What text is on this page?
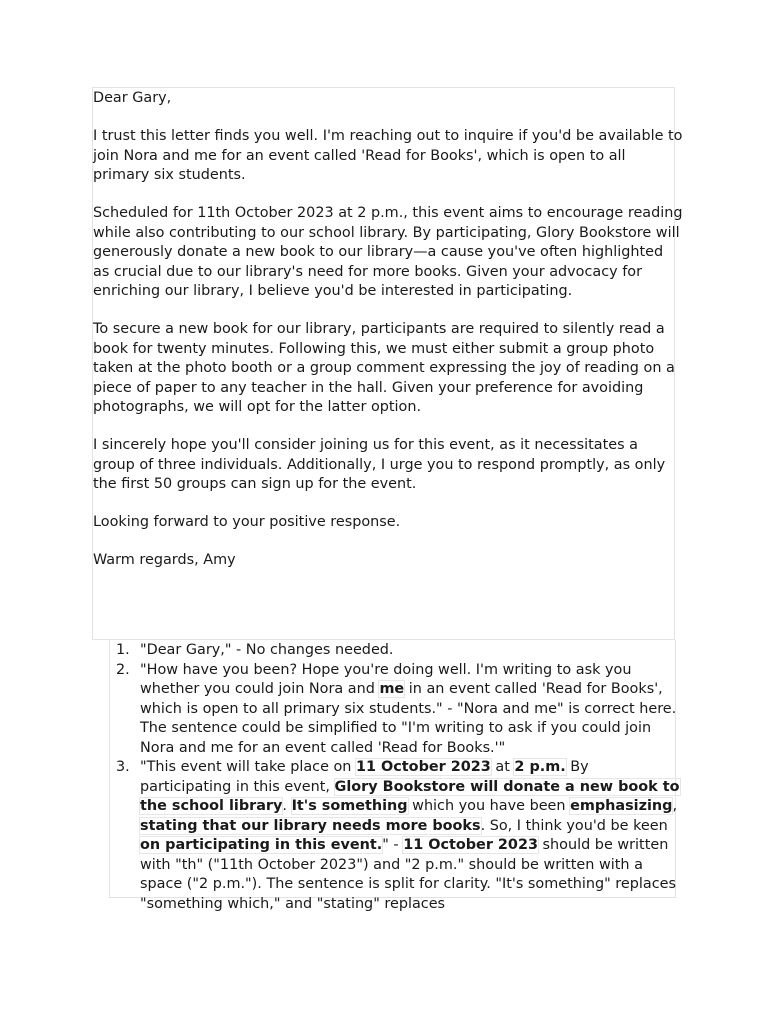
Dear Gary,

I trust this letter finds you well. I'm reaching out to inquire if you'd be available to join Nora and me for an event called 'Read for Books', which is open to all primary six students.

Scheduled for 11th October 2023 at 2 p.m., this event aims to encourage reading while also contributing to our school library. By participating, Glory Bookstore will generously donate a new book to our library—a cause you've often highlighted as crucial due to our library's need for more books. Given your advocacy for enriching our library, I believe you'd be interested in participating.

To secure a new book for our library, participants are required to silently read a book for twenty minutes. Following this, we must either submit a group photo taken at the photo booth or a group comment expressing the joy of reading on a piece of paper to any teacher in the hall. Given your preference for avoiding photographs, we will opt for the latter option.

I sincerely hope you'll consider joining us for this event, as it necessitates a group of three individuals. Additionally, I urge you to respond promptly, as only the first 50 groups can sign up for the event.

Looking forward to your positive response.

Warm regards, Amy

1. "Dear Gary," - No changes needed.
2. "How have you been? Hope you're doing well. I'm writing to ask you whether you could join Nora and me in an event called 'Read for Books', which is open to all primary six students." - "Nora and me" is correct here. The sentence could be simplified to "I'm writing to ask if you could join Nora and me for an event called 'Read for Books.'"
3. "This event will take place on 11 October 2023 at 2 p.m. By participating in this event, Glory Bookstore will donate a new book to the school library. It's something which you have been emphasizing, stating that our library needs more books. So, I think you'd be keen on participating in this event." - 11 October 2023 should be written with "th" ("11th October 2023") and "2 p.m." should be written with a space ("2 p.m."). The sentence is split for clarity. "It's something" replaces "something which," and "stating" replaces
